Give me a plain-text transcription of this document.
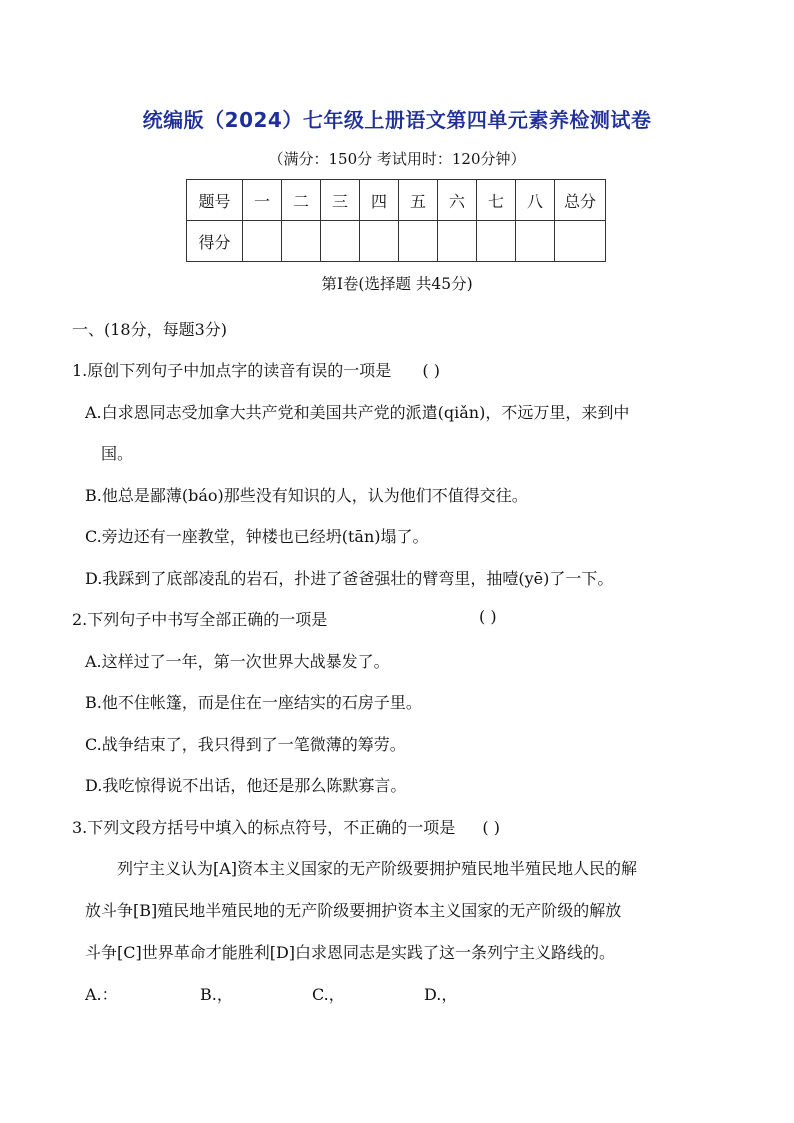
统编版（2024）七年级上册语文第四单元素养检测试卷
（满分：150分 考试用时：120分钟）
题号	一	二	三	四	五	六	七	八	总分
得分									
第Ⅰ卷(选择题 共45分)
一、(18分，每题3分)
1.原创下列句子中加点字的读音有误的一项是 ( )
A.白求恩同志受加拿大共产党和美国共产党的派遣(qiǎn)，不远万里，来到中
国。
B.他总是鄙薄(báo)那些没有知识的人，认为他们不值得交往。
C.旁边还有一座教堂，钟楼也已经坍(tān)塌了。
D.我踩到了底部凌乱的岩石，扑进了爸爸强壮的臂弯里，抽噎(yē)了一下。
2.下列句子中书写全部正确的一项是	( )
A.这样过了一年，第一次世界大战暴发了。
B.他不住帐篷，而是住在一座结实的石房子里。
C.战争结束了，我只得到了一笔微薄的筹劳。
D.我吃惊得说不出话，他还是那么陈默寡言。
3.下列文段方括号中填入的标点符号，不正确的一项是 ( )
列宁主义认为[A]资本主义国家的无产阶级要拥护殖民地半殖民地人民的解
放斗争[B]殖民地半殖民地的无产阶级要拥护资本主义国家的无产阶级的解放
斗争[C]世界革命才能胜利[D]白求恩同志是实践了这一条列宁主义路线的。
A.：	B.，	C.，	D.，
